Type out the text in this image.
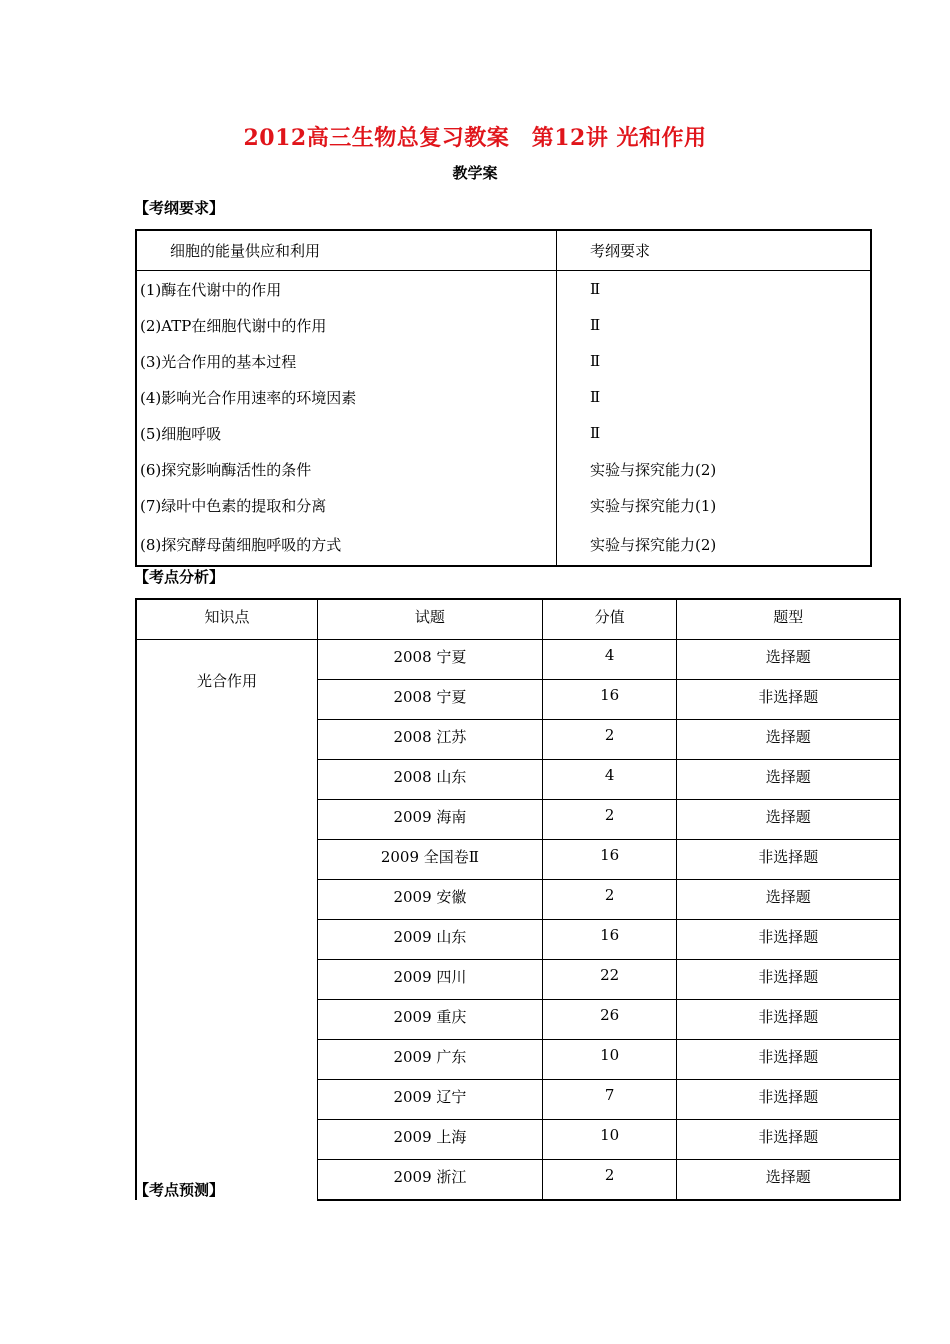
2012高三生物总复习教案　第12讲 光和作用
教学案
【考纲要求】
细胞的能量供应和利用	考纲要求
(1)酶在代谢中的作用	Ⅱ
(2)ATP在细胞代谢中的作用	Ⅱ
(3)光合作用的基本过程	Ⅱ
(4)影响光合作用速率的环境因素	Ⅱ
(5)细胞呼吸	Ⅱ
(6)探究影响酶活性的条件	实验与探究能力(2)
(7)绿叶中色素的提取和分离	实验与探究能力(1)
(8)探究酵母菌细胞呼吸的方式	实验与探究能力(2)
【考点分析】
知识点	试题	分值	题型
光合作用	2008 宁夏	4	选择题
	2008 宁夏	16	非选择题
	2008 江苏	2	选择题
	2008 山东	4	选择题
	2009 海南	2	选择题
	2009 全国卷Ⅱ	16	非选择题
	2009 安徽	2	选择题
	2009 山东	16	非选择题
	2009 四川	22	非选择题
	2009 重庆	26	非选择题
	2009 广东	10	非选择题
	2009 辽宁	7	非选择题
	2009 上海	10	非选择题
	2009 浙江	2	选择题
【考点预测】
